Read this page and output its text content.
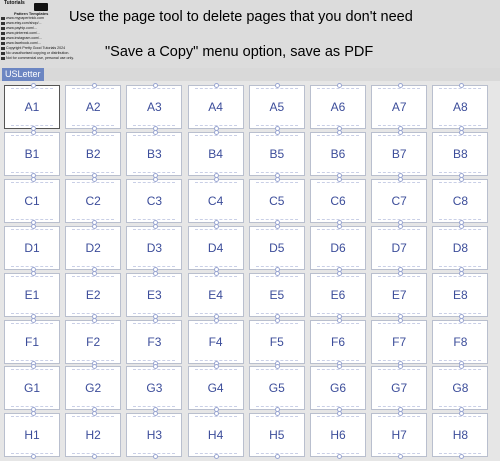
Tutorials
Pattern Templates
www.mypaperbrick.com
www.etsy.com/shop/...
www.payhip.com/...
www.pinterest.com/...
www.instagram.com/...
www.facebook.com/...
Copyright Pretty Good Tutorials 2024
No unauthorised copying or distribution.
Not for commercial use, personal use only.
Use the page tool to delete pages that you don't need
"Save a Copy" menu option, save as PDF
USLetter
A1	A2	A3	A4	A5	A6	A7	A8
B1	B2	B3	B4	B5	B6	B7	B8
C1	C2	C3	C4	C5	C6	C7	C8
D1	D2	D3	D4	D5	D6	D7	D8
E1	E2	E3	E4	E5	E6	E7	E8
F1	F2	F3	F4	F5	F6	F7	F8
G1	G2	G3	G4	G5	G6	G7	G8
H1	H2	H3	H4	H5	H6	H7	H8
